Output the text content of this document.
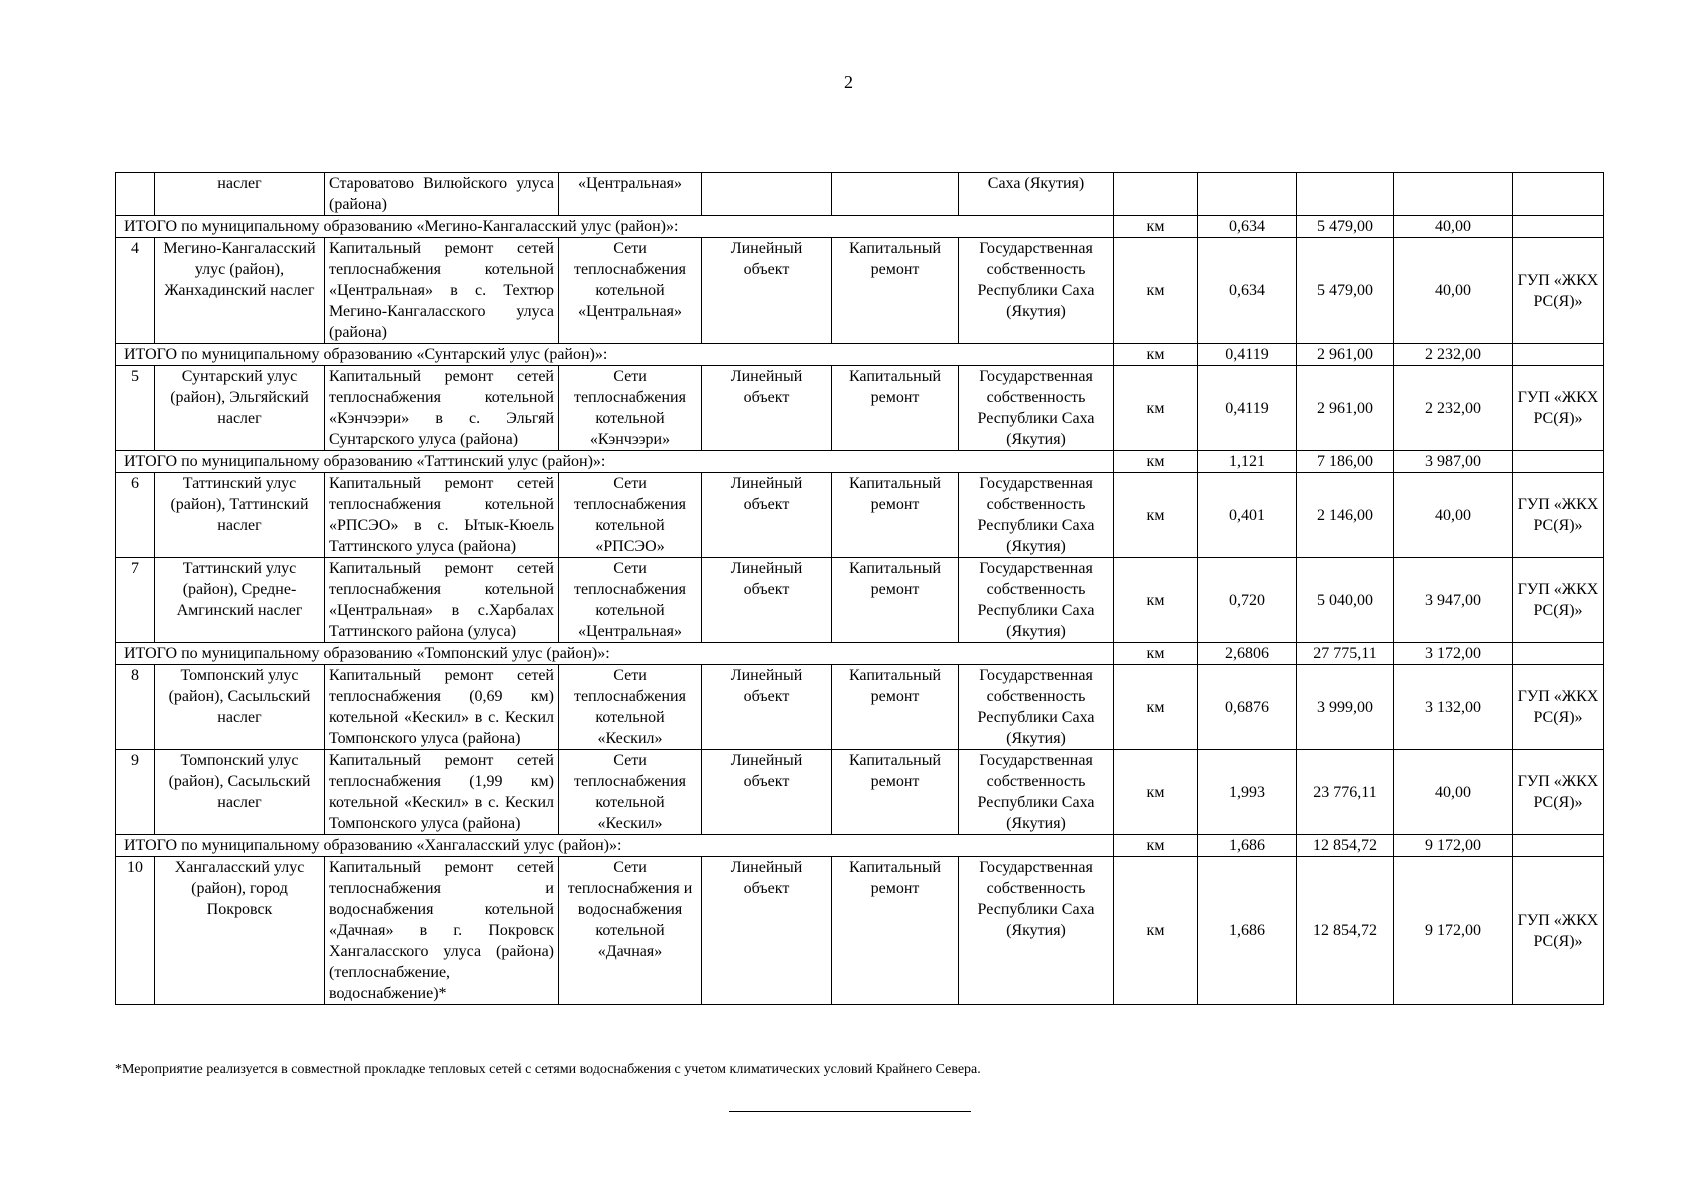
2
	наслег	Староватово Вилюйского улуса (района)	«Центральная»			Саха (Якутия)					
ИТОГО по муниципальному образованию «Мегино-Кангаласский улус (район)»:							км	0,634	5 479,00	40,00	
4	Мегино-Кангаласский улус (район), Жанхадинский наслег	Капитальный ремонт сетей теплоснабжения котельной «Центральная» в с. Техтюр Мегино-Кангаласского улуса (района)	Сети теплоснабжения котельной «Центральная»	Линейный объект	Капитальный ремонт	Государственная собственность Республики Саха (Якутия)	км	0,634	5 479,00	40,00	ГУП «ЖКХ РС(Я)»
ИТОГО по муниципальному образованию «Сунтарский улус (район)»:							км	0,4119	2 961,00	2 232,00	
5	Сунтарский улус (район), Эльгяйский наслег	Капитальный ремонт сетей теплоснабжения котельной «Кэнчээри» в с. Эльгяй Сунтарского улуса (района)	Сети теплоснабжения котельной «Кэнчээри»	Линейный объект	Капитальный ремонт	Государственная собственность Республики Саха (Якутия)	км	0,4119	2 961,00	2 232,00	ГУП «ЖКХ РС(Я)»
ИТОГО по муниципальному образованию «Таттинский улус (район)»:							км	1,121	7 186,00	3 987,00	
6	Таттинский улус (район), Таттинский наслег	Капитальный ремонт сетей теплоснабжения котельной «РПСЭО» в с. Ытык-Кюель Таттинского улуса (района)	Сети теплоснабжения котельной «РПСЭО»	Линейный объект	Капитальный ремонт	Государственная собственность Республики Саха (Якутия)	км	0,401	2 146,00	40,00	ГУП «ЖКХ РС(Я)»
7	Таттинский улус (район), Средне-Амгинский наслег	Капитальный ремонт сетей теплоснабжения котельной «Центральная» в с.Харбалах Таттинского района (улуса)	Сети теплоснабжения котельной «Центральная»	Линейный объект	Капитальный ремонт	Государственная собственность Республики Саха (Якутия)	км	0,720	5 040,00	3 947,00	ГУП «ЖКХ РС(Я)»
ИТОГО по муниципальному образованию «Томпонский улус (район)»:							км	2,6806	27 775,11	3 172,00	
8	Томпонский улус (район), Сасыльский наслег	Капитальный ремонт сетей теплоснабжения (0,69 км) котельной «Кескил» в с. Кескил Томпонского улуса (района)	Сети теплоснабжения котельной «Кескил»	Линейный объект	Капитальный ремонт	Государственная собственность Республики Саха (Якутия)	км	0,6876	3 999,00	3 132,00	ГУП «ЖКХ РС(Я)»
9	Томпонский улус (район), Сасыльский наслег	Капитальный ремонт сетей теплоснабжения (1,99 км) котельной «Кескил» в с. Кескил Томпонского улуса (района)	Сети теплоснабжения котельной «Кескил»	Линейный объект	Капитальный ремонт	Государственная собственность Республики Саха (Якутия)	км	1,993	23 776,11	40,00	ГУП «ЖКХ РС(Я)»
ИТОГО по муниципальному образованию «Хангаласский улус (район)»:							км	1,686	12 854,72	9 172,00	
10	Хангаласский улус (район), город Покровск	Капитальный ремонт сетей теплоснабжения и водоснабжения котельной «Дачная» в г. Покровск Хангаласского улуса (района) (теплоснабжение, водоснабжение)*	Сети теплоснабжения и водоснабжения котельной «Дачная»	Линейный объект	Капитальный ремонт	Государственная собственность Республики Саха (Якутия)	км	1,686	12 854,72	9 172,00	ГУП «ЖКХ РС(Я)»
*Мероприятие реализуется в совместной прокладке тепловых сетей с сетями водоснабжения с учетом климатических условий Крайнего Севера.
